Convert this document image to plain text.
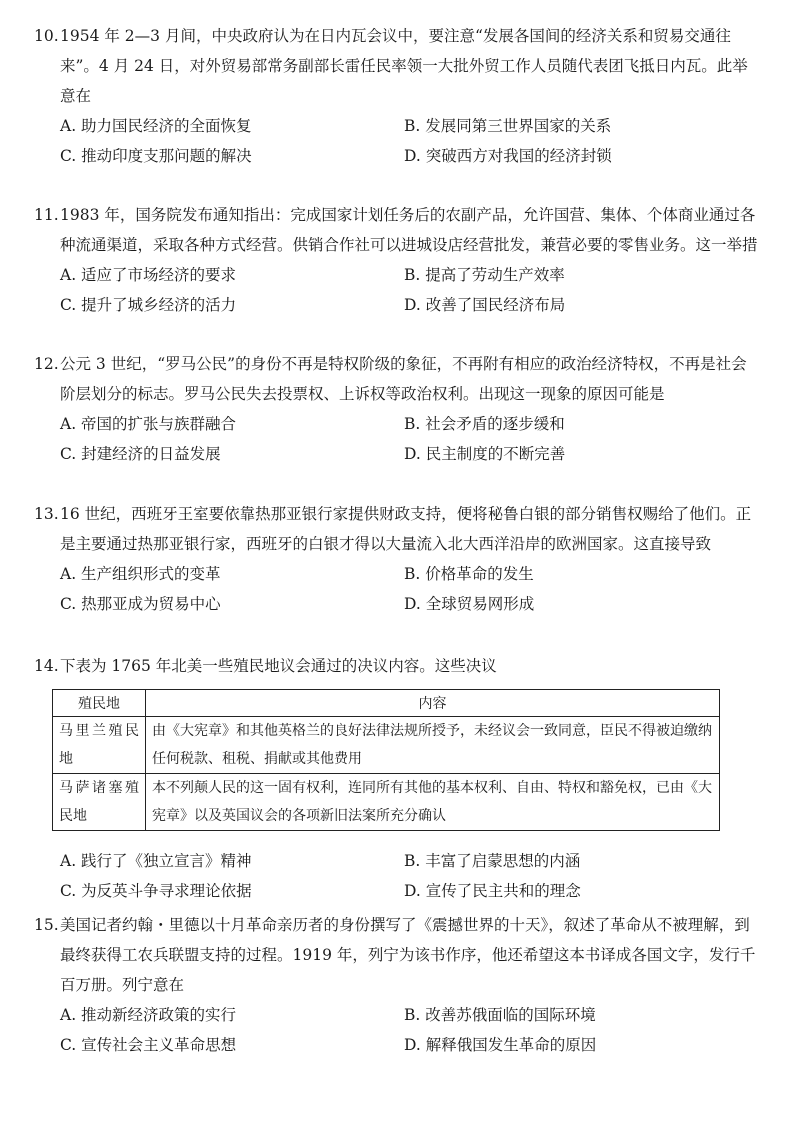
10. 1954 年 2—3 月间，中央政府认为在日内瓦会议中，要注意“发展各国间的经济关系和贸易交通往来”。4 月 24 日，对外贸易部常务副部长雷任民率领一大批外贸工作人员随代表团飞抵日内瓦。此举意在
A. 助力国民经济的全面恢复	B. 发展同第三世界国家的关系
C. 推动印度支那问题的解决	D. 突破西方对我国的经济封锁
11. 1983 年，国务院发布通知指出：完成国家计划任务后的农副产品，允许国营、集体、个体商业通过各种流通渠道，采取各种方式经营。供销合作社可以进城设店经营批发，兼营必要的零售业务。这一举措
A. 适应了市场经济的要求	B. 提高了劳动生产效率
C. 提升了城乡经济的活力	D. 改善了国民经济布局
12. 公元 3 世纪，“罗马公民”的身份不再是特权阶级的象征，不再附有相应的政治经济特权，不再是社会阶层划分的标志。罗马公民失去投票权、上诉权等政治权利。出现这一现象的原因可能是
A. 帝国的扩张与族群融合	B. 社会矛盾的逐步缓和
C. 封建经济的日益发展	D. 民主制度的不断完善
13. 16 世纪，西班牙王室要依靠热那亚银行家提供财政支持，便将秘鲁白银的部分销售权赐给了他们。正是主要通过热那亚银行家，西班牙的白银才得以大量流入北大西洋沿岸的欧洲国家。这直接导致
A. 生产组织形式的变革	B. 价格革命的发生
C. 热那亚成为贸易中心	D. 全球贸易网形成
14. 下表为 1765 年北美一些殖民地议会通过的决议内容。这些决议
殖民地	内容
马里兰殖民地	由《大宪章》和其他英格兰的良好法律法规所授予，未经议会一致同意，臣民不得被迫缴纳任何税款、租税、捐献或其他费用
马萨诸塞殖民地	本不列颠人民的这一固有权利，连同所有其他的基本权利、自由、特权和豁免权，已由《大宪章》以及英国议会的各项新旧法案所充分确认
A. 践行了《独立宣言》精神	B. 丰富了启蒙思想的内涵
C. 为反英斗争寻求理论依据	D. 宣传了民主共和的理念
15. 美国记者约翰・里德以十月革命亲历者的身份撰写了《震撼世界的十天》，叙述了革命从不被理解，到最终获得工农兵联盟支持的过程。1919 年，列宁为该书作序，他还希望这本书译成各国文字，发行千百万册。列宁意在
A. 推动新经济政策的实行	B. 改善苏俄面临的国际环境
C. 宣传社会主义革命思想	D. 解释俄国发生革命的原因
